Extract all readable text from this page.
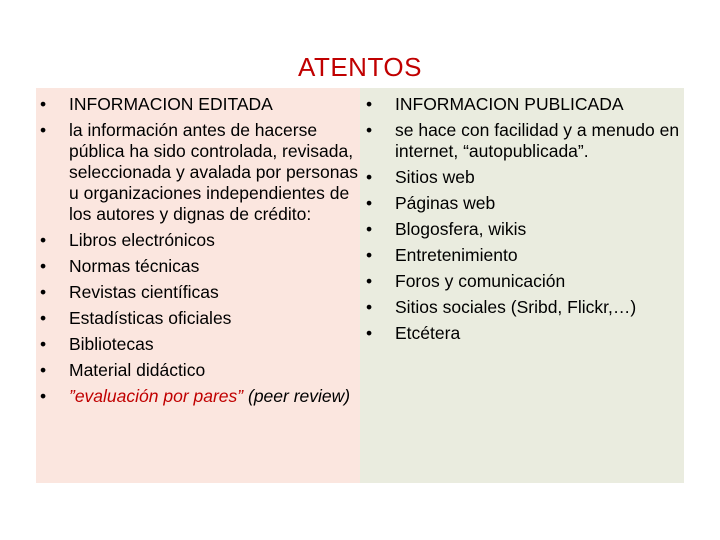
ATENTOS
• INFORMACION EDITADA
• la información antes de hacerse pública ha sido controlada, revisada, seleccionada y avalada por personas u organizaciones independientes de los autores y dignas de crédito:
• Libros electrónicos
• Normas técnicas
• Revistas científicas
• Estadísticas oficiales
• Bibliotecas
• Material didáctico
• ”evaluación por pares” (peer review)
• INFORMACION PUBLICADA
• se hace con facilidad y a menudo en internet, “autopublicada”.
• Sitios web
• Páginas web
• Blogosfera, wikis
• Entretenimiento
• Foros y comunicación
• Sitios sociales (Sribd, Flickr,…)
• Etcétera
